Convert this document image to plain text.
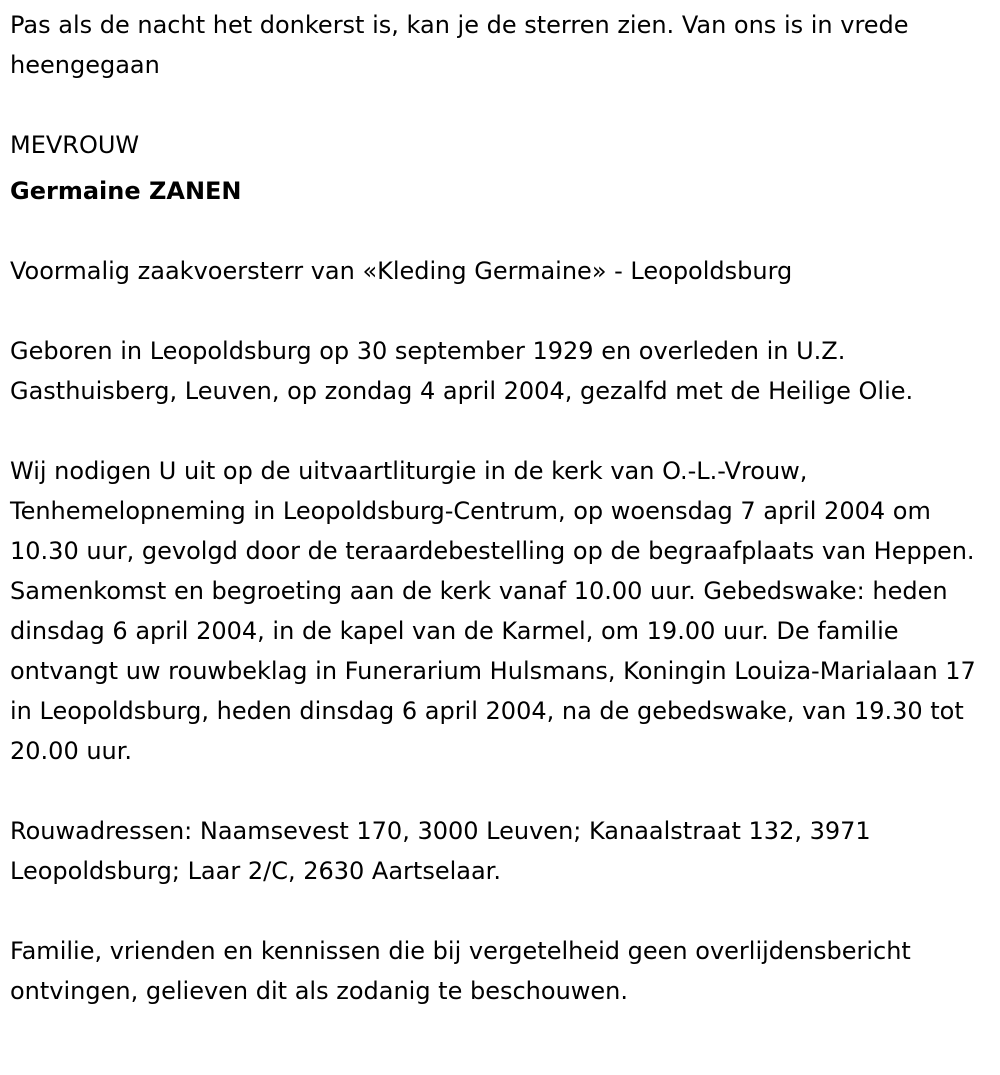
Pas als de nacht het donkerst is, kan je de sterren zien. Van ons is in vrede heengegaan

MEVROUW

Germaine ZANEN

Voormalig zaakvoersterr van «Kleding Germaine» - Leopoldsburg

Geboren in Leopoldsburg op 30 september 1929 en overleden in U.Z. Gasthuisberg, Leuven, op zondag 4 april 2004, gezalfd met de Heilige Olie.

Wij nodigen U uit op de uitvaartliturgie in de kerk van O.-L.-Vrouw, Tenhemelopneming in Leopoldsburg-Centrum, op woensdag 7 april 2004 om 10.30 uur, gevolgd door de teraardebestelling op de begraafplaats van Heppen. Samenkomst en begroeting aan de kerk vanaf 10.00 uur. Gebedswake: heden dinsdag 6 april 2004, in de kapel van de Karmel, om 19.00 uur. De familie ontvangt uw rouwbeklag in Funerarium Hulsmans, Koningin Louiza-Marialaan 17 in Leopoldsburg, heden dinsdag 6 april 2004, na de gebedswake, van 19.30 tot 20.00 uur.

Rouwadressen: Naamsevest 170, 3000 Leuven; Kanaalstraat 132, 3971 Leopoldsburg; Laar 2/C, 2630 Aartselaar.

Familie, vrienden en kennissen die bij vergetelheid geen overlijdensbericht ontvingen, gelieven dit als zodanig te beschouwen.
